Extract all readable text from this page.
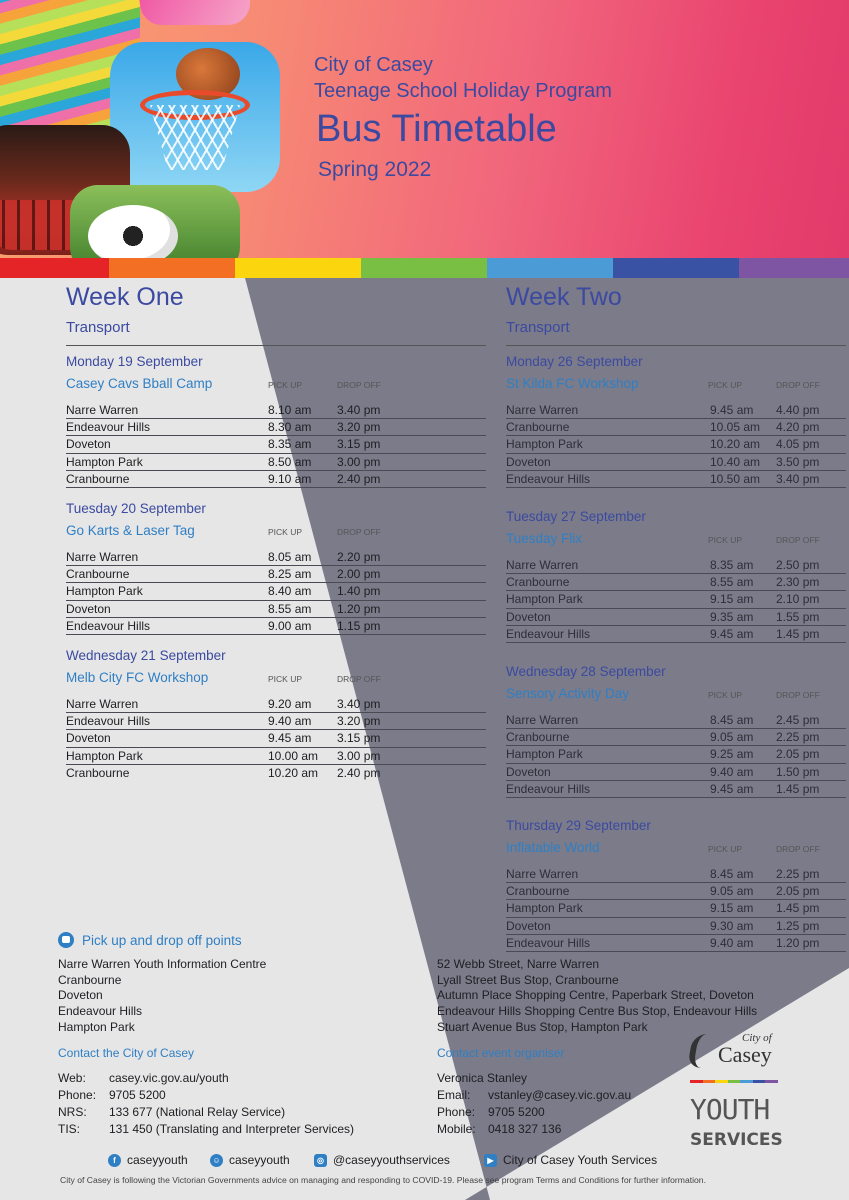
City of Casey
Teenage School Holiday Program
Bus Timetable
Spring 2022
Week One
Transport
Monday 19 September
Casey Cavs Bball Camp	PICK UP	DROP OFF
Narre Warren	8.10 am 3.40 pm
Endeavour Hills	8.30 am 3.20 pm
Doveton	8.35 am 3.15 pm
Hampton Park	8.50 am 3.00 pm
Cranbourne	9.10 am 2.40 pm
Tuesday 20 September
Go Karts & Laser Tag	PICK UP	DROP OFF
Narre Warren	8.05 am 2.20 pm
Cranbourne	8.25 am 2.00 pm
Hampton Park	8.40 am 1.40 pm
Doveton	8.55 am 1.20 pm
Endeavour Hills	9.00 am 1.15 pm
Wednesday 21 September
Melb City FC Workshop	PICK UP	DROP OFF
Narre Warren	9.20 am 3.40 pm
Endeavour Hills	9.40 am 3.20 pm
Doveton	9.45 am 3.15 pm
Hampton Park	10.00 am 3.00 pm
Cranbourne	10.20 am 2.40 pm
Week Two
Transport
Monday 26 September
St Kilda FC Workshop	PICK UP	DROP OFF
Narre Warren	9.45 am 4.40 pm
Cranbourne	10.05 am 4.20 pm
Hampton Park	10.20 am 4.05 pm
Doveton	10.40 am 3.50 pm
Endeavour Hills	10.50 am 3.40 pm
Tuesday 27 September
Tuesday Flix	PICK UP	DROP OFF
Narre Warren	8.35 am 2.50 pm
Cranbourne	8.55 am 2.30 pm
Hampton Park	9.15 am 2.10 pm
Doveton	9.35 am 1.55 pm
Endeavour Hills	9.45 am 1.45 pm
Wednesday 28 September
Sensory Activity Day	PICK UP	DROP OFF
Narre Warren	8.45 am 2.45 pm
Cranbourne	9.05 am 2.25 pm
Hampton Park	9.25 am 2.05 pm
Doveton	9.40 am 1.50 pm
Endeavour Hills	9.45 am 1.45 pm
Thursday 29 September
Inflatable World	PICK UP	DROP OFF
Narre Warren	8.45 am 2.25 pm
Cranbourne	9.05 am 2.05 pm
Hampton Park	9.15 am 1.45 pm
Doveton	9.30 am 1.25 pm
Endeavour Hills	9.40 am 1.20 pm
Pick up and drop off points
Narre Warren Youth Information Centre
Cranbourne
Doveton
Endeavour Hills
Hampton Park
52 Webb Street, Narre Warren
Lyall Street Bus Stop, Cranbourne
Autumn Place Shopping Centre, Paperbark Street, Doveton
Endeavour Hills Shopping Centre Bus Stop, Endeavour Hills
Stuart Avenue Bus Stop, Hampton Park
Contact the City of Casey
Web: casey.vic.gov.au/youth
Phone: 9705 5200
NRS: 133 677 (National Relay Service)
TIS: 131 450 (Translating and Interpreter Services)
Contact event organiser
Veronica Stanley
Email: vstanley@casey.vic.gov.au
Phone: 9705 5200
Mobile: 0418 327 136
City of
Casey
YOUTH
SERVICES
f caseyyouth	☺ caseyyouth	◎ @caseyyouthservices	▶ City of Casey Youth Services
City of Casey is following the Victorian Governments advice on managing and responding to COVID-19. Please see program Terms and Conditions for further information.
